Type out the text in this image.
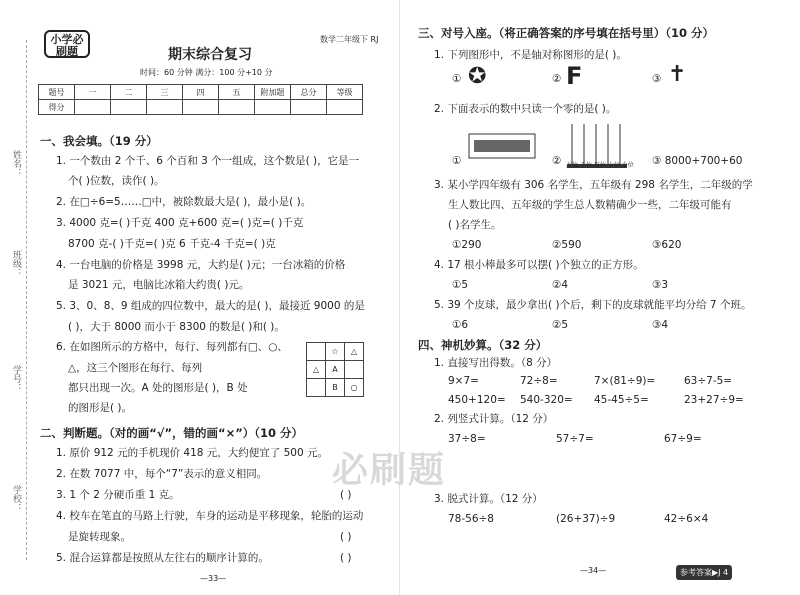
姓名：
班级：
学号：
学校：
小学必刷题
数学二年级下 RJ
期末综合复习
时间：60 分钟 满分：100 分+10 分
题号	一	二	三	四	五	附加题	总分	等级
得分								
一、我会填。（19 分）
1. 一个数由 2 个千、6 个百和 3 个一组成，这个数是( )，它是一
个( )位数，读作( )。
2. 在□÷6=5……□中，被除数最大是( )，最小是( )。
3. 4000 克=( )千克 400 克+600 克=( )克=( )千克
8700 克-( )千克=( )克 6 千克-4 千克=( )克
4. 一台电脑的价格是 3998 元，大约是( )元；一台冰箱的价格
是 3021 元，电脑比冰箱大约贵( )元。
5. 3、0、8、9 组成的四位数中，最大的是( )，最接近 9000 的是
( )，大于 8000 而小于 8300 的数是( )和( )。
6. 在如图所示的方格中，每行、每列都有□、○、
△，这三个图形在每行、每列
都只出现一次。A 处的图形是( )，B 处
的图形是( )。
	☆	△
△	A	
	B	○
二、判断题。（对的画“√”，错的画“×”）（10 分）
1. 原价 912 元的手机现价 418 元，大约便宜了 500 元。
2. 在数 7077 中，每个“7”表示的意义相同。
3. 1 个 2 分硬币重 1 克。	( )
4. 校车在笔直的马路上行驶，车身的运动是平移现象，轮胎的运动
是旋转现象。	( )
5. 混合运算都是按照从左往右的顺序计算的。	( )
—33—
必刷题
三、对号入座。（将正确答案的序号填在括号里）（10 分）
1. 下列图形中，不是轴对称图形的是( )。
① ✪	② F	③ ✝
2. 下面表示的数中只读一个零的是( )。
①	② 万位 千位 百位 十位 个位 ③ 8000+700+60
3. 某小学四年级有 306 名学生，五年级有 298 名学生，二年级的学
生人数比四、五年级的学生总人数精确少一些，二年级可能有
( )名学生。
①290	②590	③620
4. 17 根小棒最多可以摆( )个独立的正方形。
①5	②4	③3
5. 39 个皮球，最少拿出( )个后，剩下的皮球就能平均分给 7 个班。
①6	②5	③4
四、神机妙算。（32 分）
1. 直接写出得数。（8 分）
9×7=	72÷8=	7×(81÷9)=	63÷7-5=
450+120= 540-320= 45-45÷5=	23+27÷9=
2. 列竖式计算。（12 分）
37÷8=	57÷7=	67÷9=
3. 脱式计算。（12 分）
78-56÷8	(26+37)÷9	42÷6×4
—34—	参考答案▶J 4
